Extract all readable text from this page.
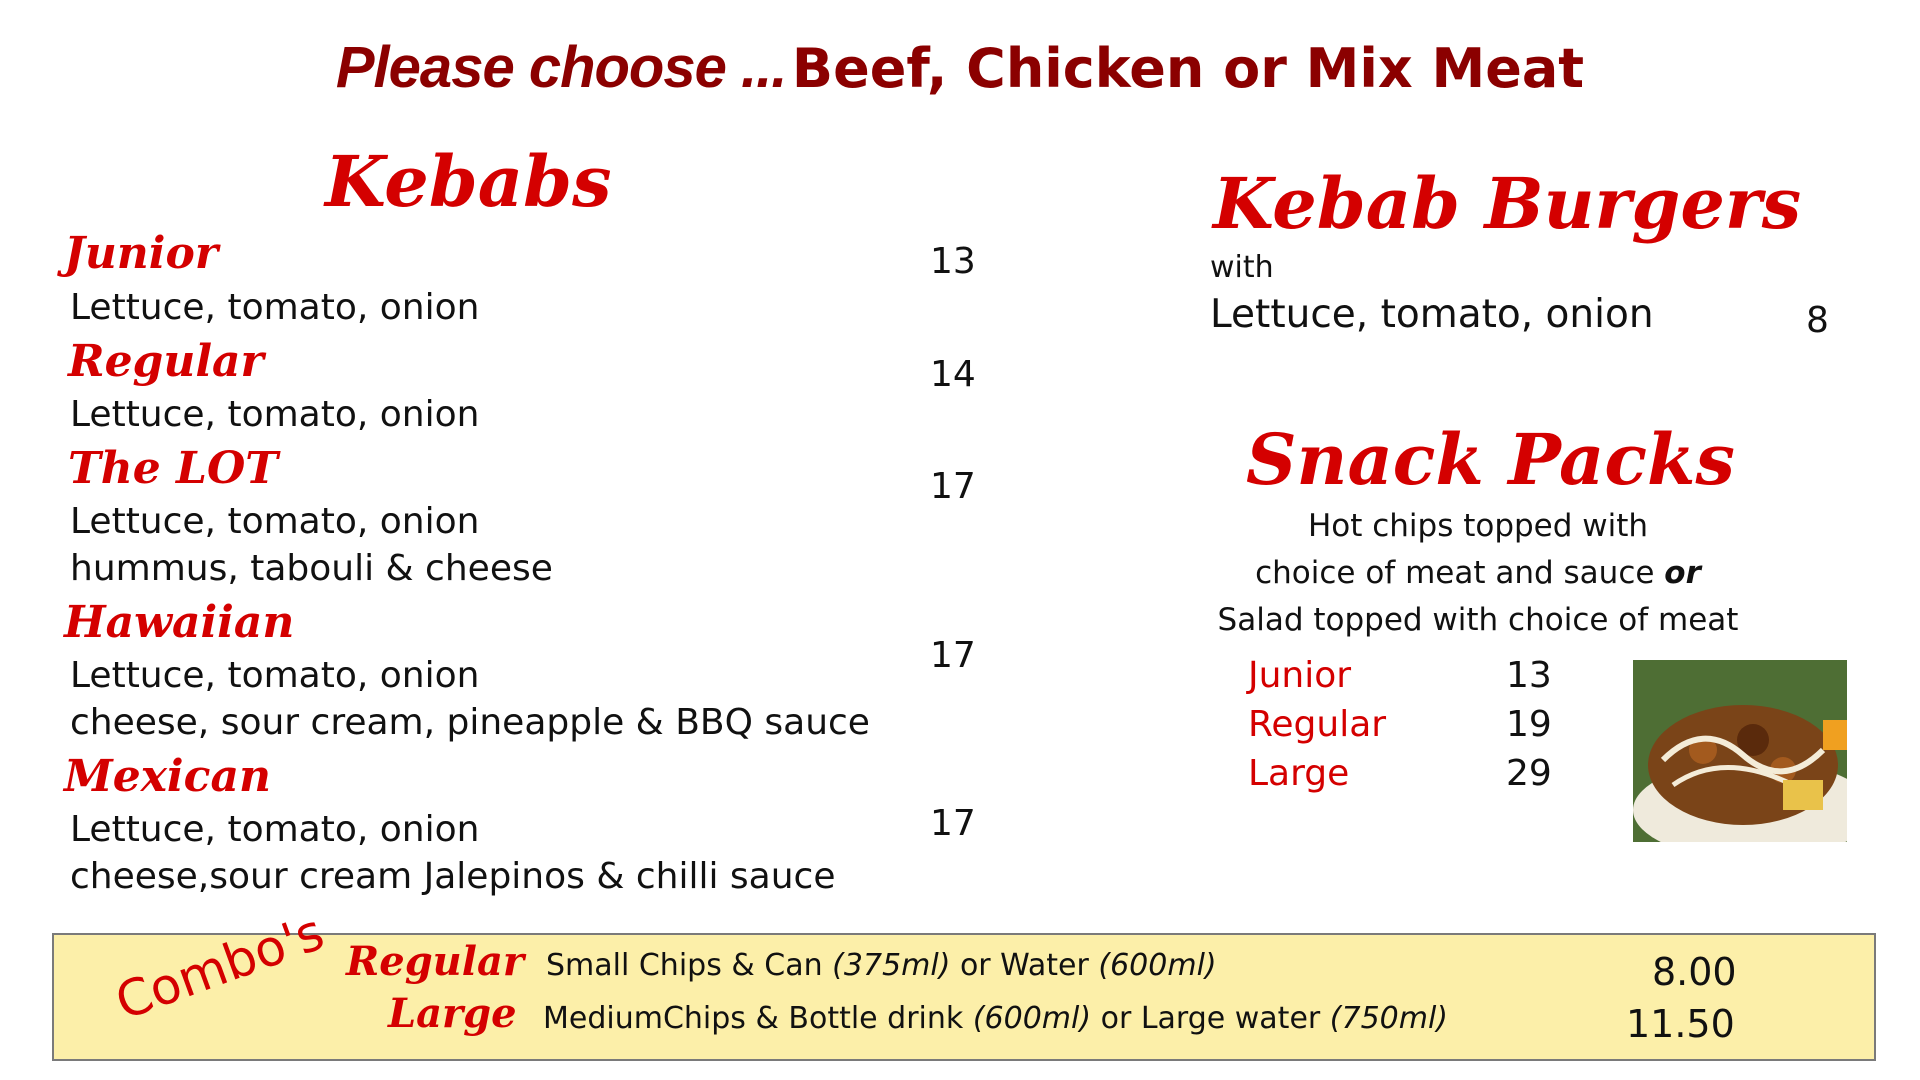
Please choose ... Beef, Chicken or Mix Meat
Kebabs
Junior
Lettuce, tomato, onion
13
Regular
Lettuce, tomato, onion
14
The LOT
Lettuce, tomato, onion
hummus, tabouli & cheese
17
Hawaiian
Lettuce, tomato, onion
cheese, sour cream, pineapple & BBQ sauce
17
Mexican
Lettuce, tomato, onion
cheese,sour cream Jalepinos & chilli sauce
17
Kebab Burgers
with
Lettuce, tomato, onion	8
Snack Packs
Hot chips topped with
choice of meat and sauce or
Salad topped with choice of meat
Junior	13
Regular	19
Large	29
Combo's Regular Small Chips & Can (375ml) or Water (600ml)	8.00
Large MediumChips & Bottle drink (600ml) or Large water (750ml)	11.50
